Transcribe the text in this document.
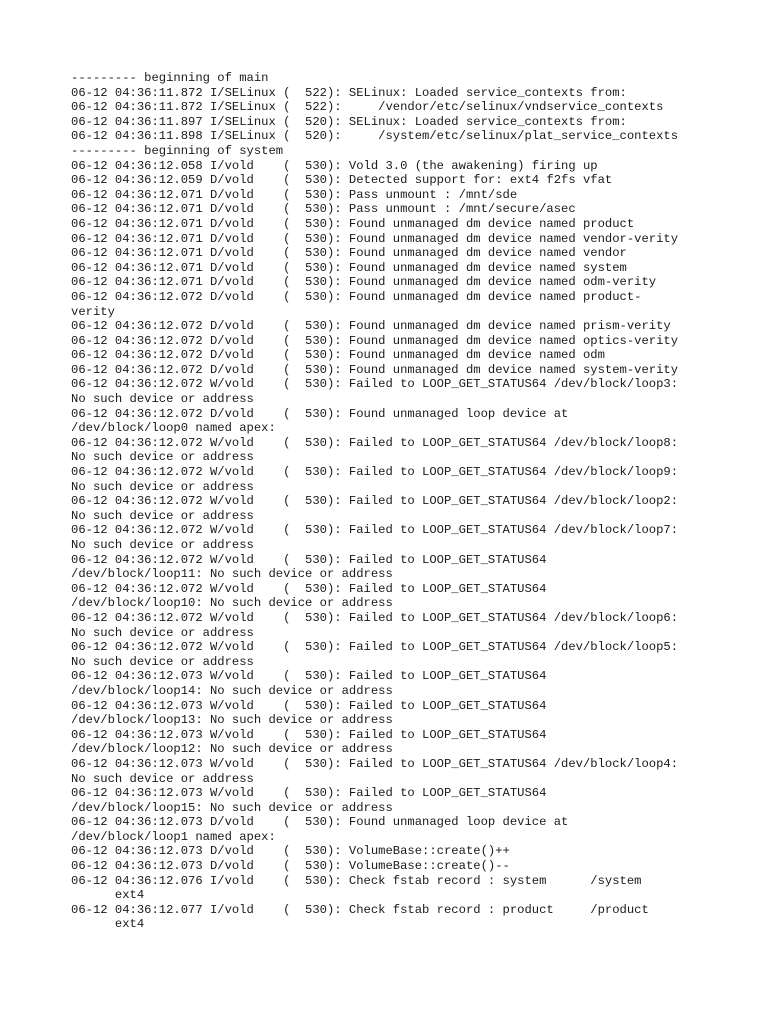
--------- beginning of main
06-12 04:36:11.872 I/SELinux (  522): SELinux: Loaded service_contexts from:
06-12 04:36:11.872 I/SELinux (  522):     /vendor/etc/selinux/vndservice_contexts
06-12 04:36:11.897 I/SELinux (  520): SELinux: Loaded service_contexts from:
06-12 04:36:11.898 I/SELinux (  520):     /system/etc/selinux/plat_service_contexts
--------- beginning of system
06-12 04:36:12.058 I/vold    (  530): Vold 3.0 (the awakening) firing up
06-12 04:36:12.059 D/vold    (  530): Detected support for: ext4 f2fs vfat
06-12 04:36:12.071 D/vold    (  530): Pass unmount : /mnt/sde
06-12 04:36:12.071 D/vold    (  530): Pass unmount : /mnt/secure/asec
06-12 04:36:12.071 D/vold    (  530): Found unmanaged dm device named product
06-12 04:36:12.071 D/vold    (  530): Found unmanaged dm device named vendor-verity
06-12 04:36:12.071 D/vold    (  530): Found unmanaged dm device named vendor
06-12 04:36:12.071 D/vold    (  530): Found unmanaged dm device named system
06-12 04:36:12.071 D/vold    (  530): Found unmanaged dm device named odm-verity
06-12 04:36:12.072 D/vold    (  530): Found unmanaged dm device named product-
verity
06-12 04:36:12.072 D/vold    (  530): Found unmanaged dm device named prism-verity
06-12 04:36:12.072 D/vold    (  530): Found unmanaged dm device named optics-verity
06-12 04:36:12.072 D/vold    (  530): Found unmanaged dm device named odm
06-12 04:36:12.072 D/vold    (  530): Found unmanaged dm device named system-verity
06-12 04:36:12.072 W/vold    (  530): Failed to LOOP_GET_STATUS64 /dev/block/loop3:
No such device or address
06-12 04:36:12.072 D/vold    (  530): Found unmanaged loop device at
/dev/block/loop0 named apex:
06-12 04:36:12.072 W/vold    (  530): Failed to LOOP_GET_STATUS64 /dev/block/loop8:
No such device or address
06-12 04:36:12.072 W/vold    (  530): Failed to LOOP_GET_STATUS64 /dev/block/loop9:
No such device or address
06-12 04:36:12.072 W/vold    (  530): Failed to LOOP_GET_STATUS64 /dev/block/loop2:
No such device or address
06-12 04:36:12.072 W/vold    (  530): Failed to LOOP_GET_STATUS64 /dev/block/loop7:
No such device or address
06-12 04:36:12.072 W/vold    (  530): Failed to LOOP_GET_STATUS64
/dev/block/loop11: No such device or address
06-12 04:36:12.072 W/vold    (  530): Failed to LOOP_GET_STATUS64
/dev/block/loop10: No such device or address
06-12 04:36:12.072 W/vold    (  530): Failed to LOOP_GET_STATUS64 /dev/block/loop6:
No such device or address
06-12 04:36:12.072 W/vold    (  530): Failed to LOOP_GET_STATUS64 /dev/block/loop5:
No such device or address
06-12 04:36:12.073 W/vold    (  530): Failed to LOOP_GET_STATUS64
/dev/block/loop14: No such device or address
06-12 04:36:12.073 W/vold    (  530): Failed to LOOP_GET_STATUS64
/dev/block/loop13: No such device or address
06-12 04:36:12.073 W/vold    (  530): Failed to LOOP_GET_STATUS64
/dev/block/loop12: No such device or address
06-12 04:36:12.073 W/vold    (  530): Failed to LOOP_GET_STATUS64 /dev/block/loop4:
No such device or address
06-12 04:36:12.073 W/vold    (  530): Failed to LOOP_GET_STATUS64
/dev/block/loop15: No such device or address
06-12 04:36:12.073 D/vold    (  530): Found unmanaged loop device at
/dev/block/loop1 named apex:
06-12 04:36:12.073 D/vold    (  530): VolumeBase::create()++
06-12 04:36:12.073 D/vold    (  530): VolumeBase::create()--
06-12 04:36:12.076 I/vold    (  530): Check fstab record : system      /system
ext4
06-12 04:36:12.077 I/vold    (  530): Check fstab record : product     /product
ext4
